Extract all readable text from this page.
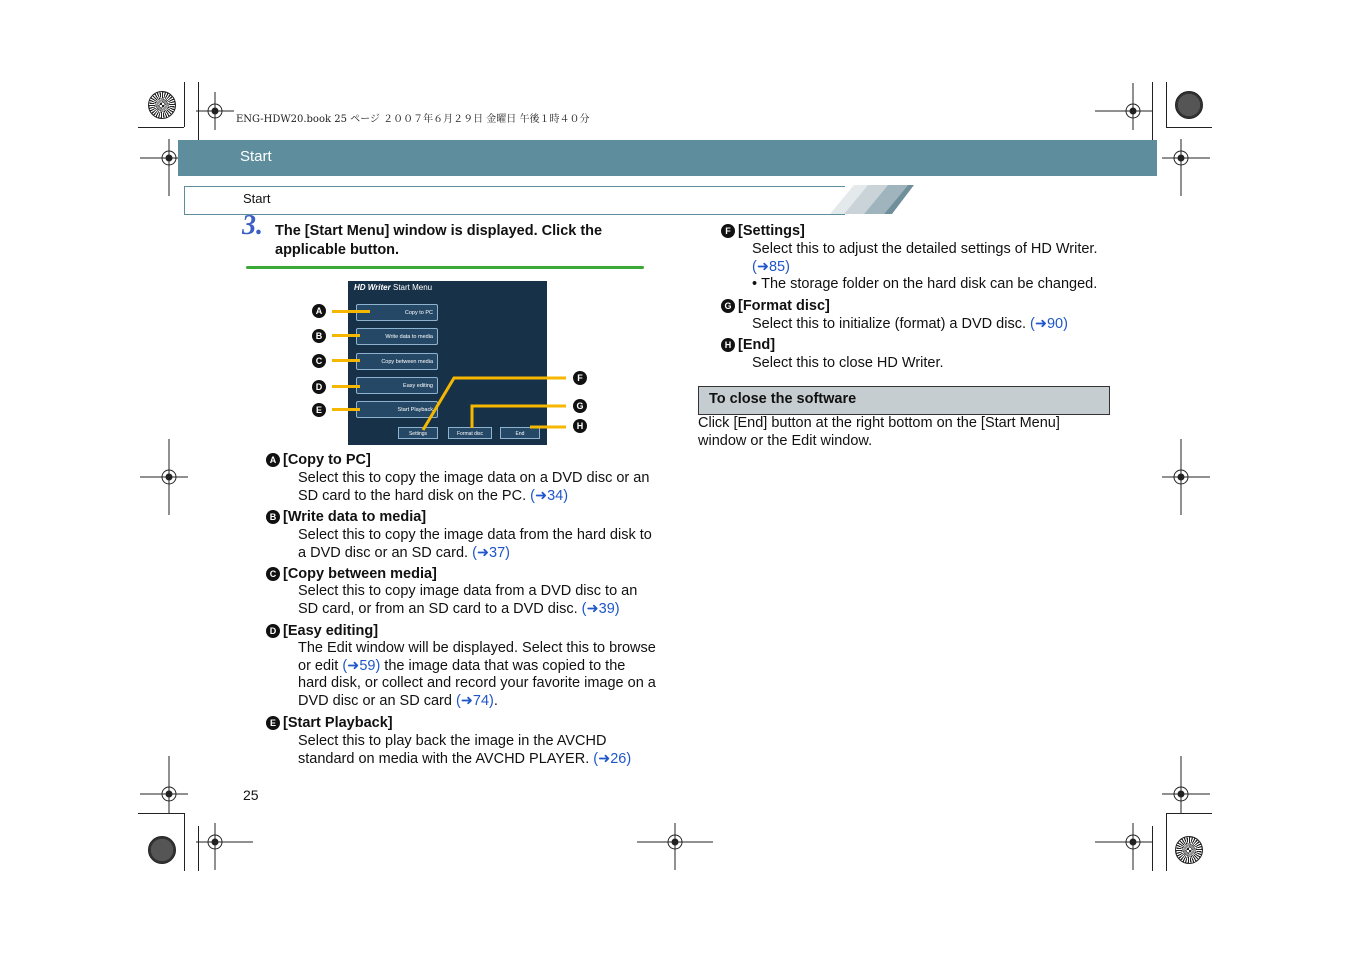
ENG-HDW20.book 25 ページ ２００７年６月２９日 金曜日 午後１時４０分
Start
Start
3. The [Start Menu] window is displayed. Click the applicable button.
HD Writer Start Menu
Copy to PC
Write data to media
Copy between media
Easy editing
Start Playback
Settings	Format disc	End
A
B
C
D
E
F
G
H
A [Copy to PC]
Select this to copy the image data on a DVD disc or an
SD card to the hard disk on the PC. (➜34)
B [Write data to media]
Select this to copy the image data from the hard disk to
a DVD disc or an SD card. (➜37)
C [Copy between media]
Select this to copy image data from a DVD disc to an
SD card, or from an SD card to a DVD disc. (➜39)
D [Easy editing]
The Edit window will be displayed. Select this to browse
or edit (➜59) the image data that was copied to the
hard disk, or collect and record your favorite image on a
DVD disc or an SD card (➜74).
E [Start Playback]
Select this to play back the image in the AVCHD
standard on media with the AVCHD PLAYER. (➜26)
F [Settings]
Select this to adjust the detailed settings of HD Writer.
(➜85)
• The storage folder on the hard disk can be changed.
G [Format disc]
Select this to initialize (format) a DVD disc. (➜90)
H [End]
Select this to close HD Writer.
To close the software
Click [End] button at the right bottom on the [Start Menu]
window or the Edit window.
25
